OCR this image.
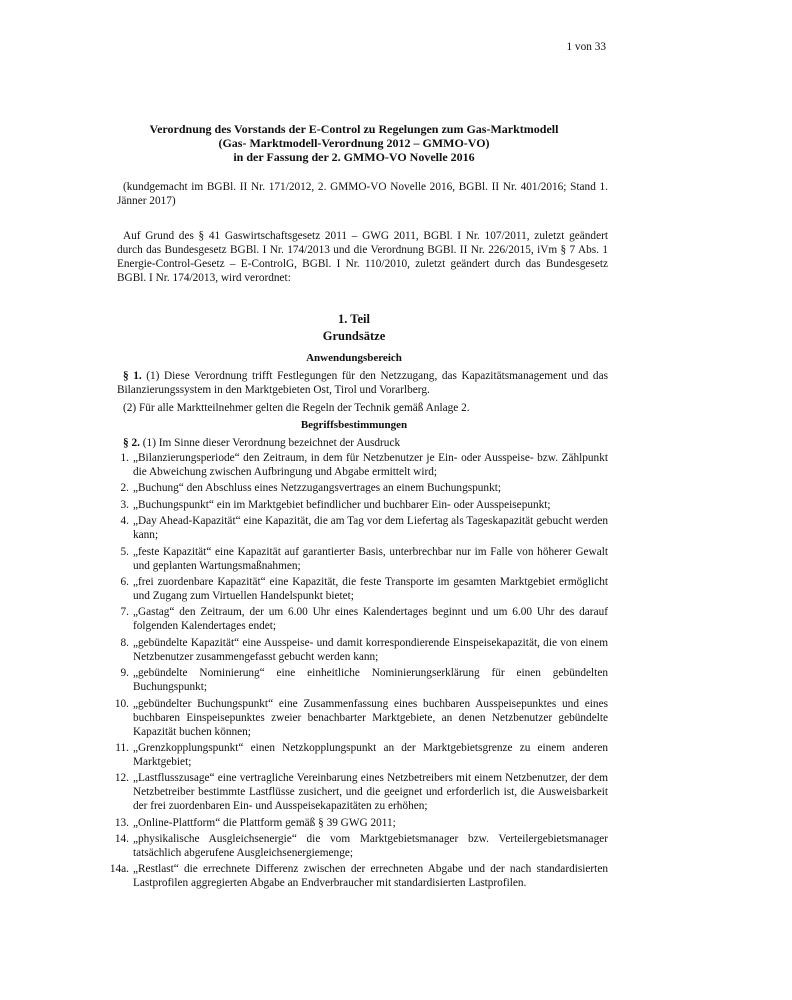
1 von 33
Verordnung des Vorstands der E-Control zu Regelungen zum Gas-Marktmodell
(Gas- Marktmodell-Verordnung 2012 – GMMO-VO)
in der Fassung der 2. GMMO-VO Novelle 2016
(kundgemacht im BGBl. II Nr. 171/2012, 2. GMMO-VO Novelle 2016, BGBl. II Nr. 401/2016; Stand 1. Jänner 2017)
Auf Grund des § 41 Gaswirtschaftsgesetz 2011 – GWG 2011, BGBl. I Nr. 107/2011, zuletzt geändert durch das Bundesgesetz BGBl. I Nr. 174/2013 und die Verordnung BGBl. II Nr. 226/2015, iVm § 7 Abs. 1 Energie-Control-Gesetz – E-ControlG, BGBl. I Nr. 110/2010, zuletzt geändert durch das Bundesgesetz BGBl. I Nr. 174/2013, wird verordnet:
1. Teil
Grundsätze
Anwendungsbereich
§ 1. (1) Diese Verordnung trifft Festlegungen für den Netzzugang, das Kapazitätsmanagement und das Bilanzierungssystem in den Marktgebieten Ost, Tirol und Vorarlberg.
(2) Für alle Marktteilnehmer gelten die Regeln der Technik gemäß Anlage 2.
Begriffsbestimmungen
§ 2. (1) Im Sinne dieser Verordnung bezeichnet der Ausdruck
1. „Bilanzierungsperiode“ den Zeitraum, in dem für Netzbenutzer je Ein- oder Ausspeise- bzw. Zählpunkt die Abweichung zwischen Aufbringung und Abgabe ermittelt wird;
2. „Buchung“ den Abschluss eines Netzzugangsvertrages an einem Buchungspunkt;
3. „Buchungspunkt“ ein im Marktgebiet befindlicher und buchbarer Ein- oder Ausspeisepunkt;
4. „Day Ahead-Kapazität“ eine Kapazität, die am Tag vor dem Liefertag als Tageskapazität gebucht werden kann;
5. „feste Kapazität“ eine Kapazität auf garantierter Basis, unterbrechbar nur im Falle von höherer Gewalt und geplanten Wartungsmaßnahmen;
6. „frei zuordenbare Kapazität“ eine Kapazität, die feste Transporte im gesamten Marktgebiet ermöglicht und Zugang zum Virtuellen Handelspunkt bietet;
7. „Gastag“ den Zeitraum, der um 6.00 Uhr eines Kalendertages beginnt und um 6.00 Uhr des darauf folgenden Kalendertages endet;
8. „gebündelte Kapazität“ eine Ausspeise- und damit korrespondierende Einspeisekapazität, die von einem Netzbenutzer zusammengefasst gebucht werden kann;
9. „gebündelte Nominierung“ eine einheitliche Nominierungserklärung für einen gebündelten Buchungspunkt;
10. „gebündelter Buchungspunkt“ eine Zusammenfassung eines buchbaren Ausspeisepunktes und eines buchbaren Einspeisepunktes zweier benachbarter Marktgebiete, an denen Netzbenutzer gebündelte Kapazität buchen können;
11. „Grenzkopplungspunkt“ einen Netzkopplungspunkt an der Marktgebietsgrenze zu einem anderen Marktgebiet;
12. „Lastflusszusage“ eine vertragliche Vereinbarung eines Netzbetreibers mit einem Netzbenutzer, der dem Netzbetreiber bestimmte Lastflüsse zusichert, und die geeignet und erforderlich ist, die Ausweisbarkeit der frei zuordenbaren Ein- und Ausspeisekapazitäten zu erhöhen;
13. „Online-Plattform“ die Plattform gemäß § 39 GWG 2011;
14. „physikalische Ausgleichsenergie“ die vom Marktgebietsmanager bzw. Verteilergebietsmanager tatsächlich abgerufene Ausgleichsenergiemenge;
14a. „Restlast“ die errechnete Differenz zwischen der errechneten Abgabe und der nach standardisierten Lastprofilen aggregierten Abgabe an Endverbraucher mit standardisierten Lastprofilen.
